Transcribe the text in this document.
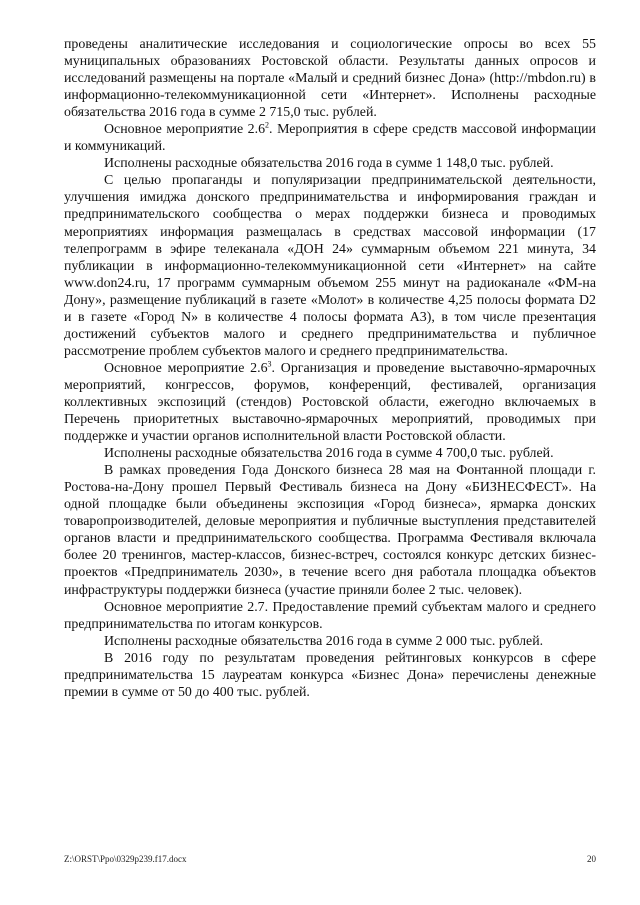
проведены аналитические исследования и социологические опросы во всех 55 муниципальных образованиях Ростовской области. Результаты данных опросов и исследований размещены на портале «Малый и средний бизнес Дона» (http://mbdon.ru) в информационно-телекоммуникационной сети «Интернет». Исполнены расходные обязательства 2016 года в сумме 2 715,0 тыс. рублей.

Основное мероприятие $2.6^2$. Мероприятия в сфере средств массовой информации и коммуникаций.

Исполнены расходные обязательства 2016 года в сумме 1 148,0 тыс. рублей.

С целью пропаганды и популяризации предпринимательской деятельности, улучшения имиджа донского предпринимательства и информирования граждан и предпринимательского сообщества о мерах поддержки бизнеса и проводимых мероприятиях информация размещалась в средствах массовой информации (17 телепрограмм в эфире телеканала «ДОН 24» суммарным объемом 221 минута, 34 публикации в информационно-телекоммуникационной сети «Интернет» на сайте www.don24.ru, 17 программ суммарным объемом 255 минут на радиоканале «ФМ-на Дону», размещение публикаций в газете «Молот» в количестве 4,25 полосы формата D2 и в газете «Город N» в количестве 4 полосы формата А3), в том числе презентация достижений субъектов малого и среднего предпринимательства и публичное рассмотрение проблем субъектов малого и среднего предпринимательства.

Основное мероприятие $2.6^3$. Организация и проведение выставочно-ярмарочных мероприятий, конгрессов, форумов, конференций, фестивалей, организация коллективных экспозиций (стендов) Ростовской области, ежегодно включаемых в Перечень приоритетных выставочно-ярмарочных мероприятий, проводимых при поддержке и участии органов исполнительной власти Ростовской области.

Исполнены расходные обязательства 2016 года в сумме 4 700,0 тыс. рублей.

В рамках проведения Года Донского бизнеса 28 мая на Фонтанной площади г. Ростова-на-Дону прошел Первый Фестиваль бизнеса на Дону «БИЗНЕСФЕСТ». На одной площадке были объединены экспозиция «Город бизнеса», ярмарка донских товаропроизводителей, деловые мероприятия и публичные выступления представителей органов власти и предпринимательского сообщества. Программа Фестиваля включала более 20 тренингов, мастер-классов, бизнес-встреч, состоялся конкурс детских бизнес-проектов «Предприниматель 2030», в течение всего дня работала площадка объектов инфраструктуры поддержки бизнеса (участие приняли более 2 тыс. человек).

Основное мероприятие 2.7. Предоставление премий субъектам малого и среднего предпринимательства по итогам конкурсов.

Исполнены расходные обязательства 2016 года в сумме 2 000 тыс. рублей.

В 2016 году по результатам проведения рейтинговых конкурсов в сфере предпринимательства 15 лауреатам конкурса «Бизнес Дона» перечислены денежные премии в сумме от 50 до 400 тыс. рублей.

Z:\ORST\Ppo\0329p239.f17.docx	20
